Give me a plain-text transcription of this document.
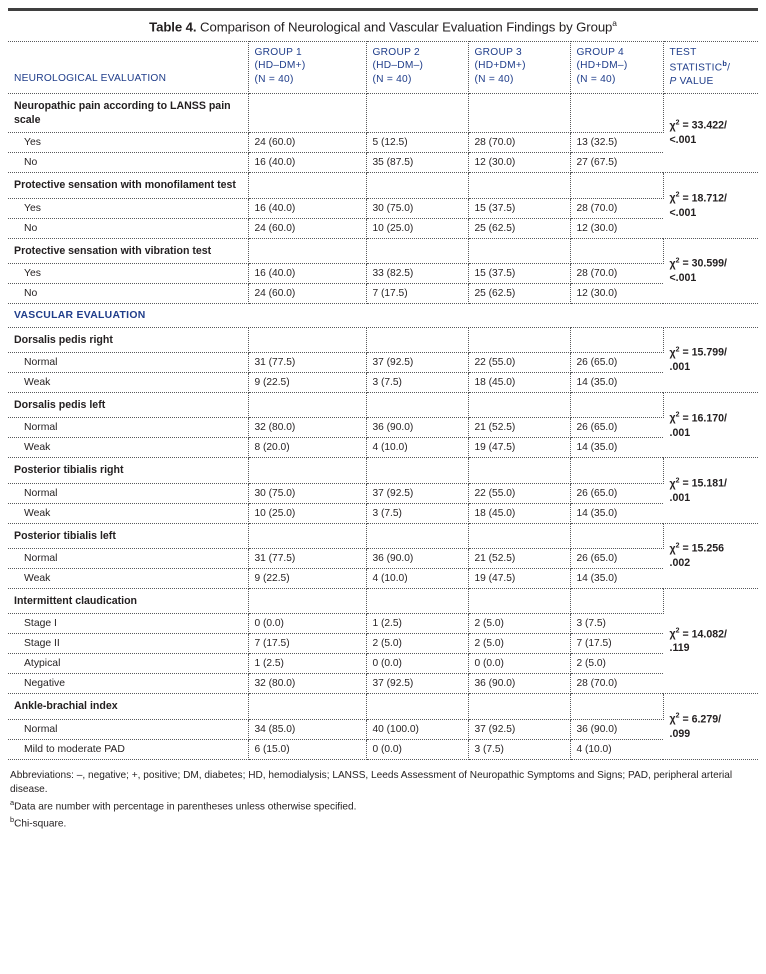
Table 4. Comparison of Neurological and Vascular Evaluation Findings by Group$^a$
NEUROLOGICAL EVALUATION	GROUP 1
(HD–DM+)
(N = 40)	GROUP 2
(HD–DM–)
(N = 40)	GROUP 3
(HD+DM+)
(N = 40)	GROUP 4
(HD+DM–)
(N = 40)	TEST
STATISTIC$^b$/
P VALUE
Neuropathic pain according to LANSS pain scale					$\chi^2 = 33.422/$
<.001
Yes	24 (60.0)	5 (12.5)	28 (70.0)	13 (32.5)	
No	16 (40.0)	35 (87.5)	12 (30.0)	27 (67.5)	
Protective sensation with monofilament test					$\chi^2 = 18.712/$
<.001
Yes	16 (40.0)	30 (75.0)	15 (37.5)	28 (70.0)	
No	24 (60.0)	10 (25.0)	25 (62.5)	12 (30.0)	
Protective sensation with vibration test					$\chi^2 = 30.599/$
<.001
Yes	16 (40.0)	33 (82.5)	15 (37.5)	28 (70.0)	
No	24 (60.0)	7 (17.5)	25 (62.5)	12 (30.0)	
VASCULAR EVALUATION					
Dorsalis pedis right					$\chi^2 = 15.799/$
.001
Normal	31 (77.5)	37 (92.5)	22 (55.0)	26 (65.0)	
Weak	9 (22.5)	3 (7.5)	18 (45.0)	14 (35.0)	
Dorsalis pedis left					$\chi^2 = 16.170/$
.001
Normal	32 (80.0)	36 (90.0)	21 (52.5)	26 (65.0)	
Weak	8 (20.0)	4 (10.0)	19 (47.5)	14 (35.0)	
Posterior tibialis right					$\chi^2 = 15.181/$
.001
Normal	30 (75.0)	37 (92.5)	22 (55.0)	26 (65.0)	
Weak	10 (25.0)	3 (7.5)	18 (45.0)	14 (35.0)	
Posterior tibialis left					$\chi^2 = 15.256$
.002
Normal	31 (77.5)	36 (90.0)	21 (52.5)	26 (65.0)	
Weak	9 (22.5)	4 (10.0)	19 (47.5)	14 (35.0)	
Intermittent claudication					$\chi^2 = 14.082/$
.119
Stage I	0 (0.0)	1 (2.5)	2 (5.0)	3 (7.5)	
Stage II	7 (17.5)	2 (5.0)	2 (5.0)	7 (17.5)	
Atypical	1 (2.5)	0 (0.0)	0 (0.0)	2 (5.0)	
Negative	32 (80.0)	37 (92.5)	36 (90.0)	28 (70.0)	
Ankle-brachial index					$\chi^2 = 6.279/$
.099
Normal	34 (85.0)	40 (100.0)	37 (92.5)	36 (90.0)	
Mild to moderate PAD	6 (15.0)	0 (0.0)	3 (7.5)	4 (10.0)	

Abbreviations: –, negative; +, positive; DM, diabetes; HD, hemodialysis; LANSS, Leeds Assessment of Neuropathic Symptoms and Signs; PAD, peripheral arterial disease.

$^a$Data are number with percentage in parentheses unless otherwise specified.

$^b$Chi-square.
